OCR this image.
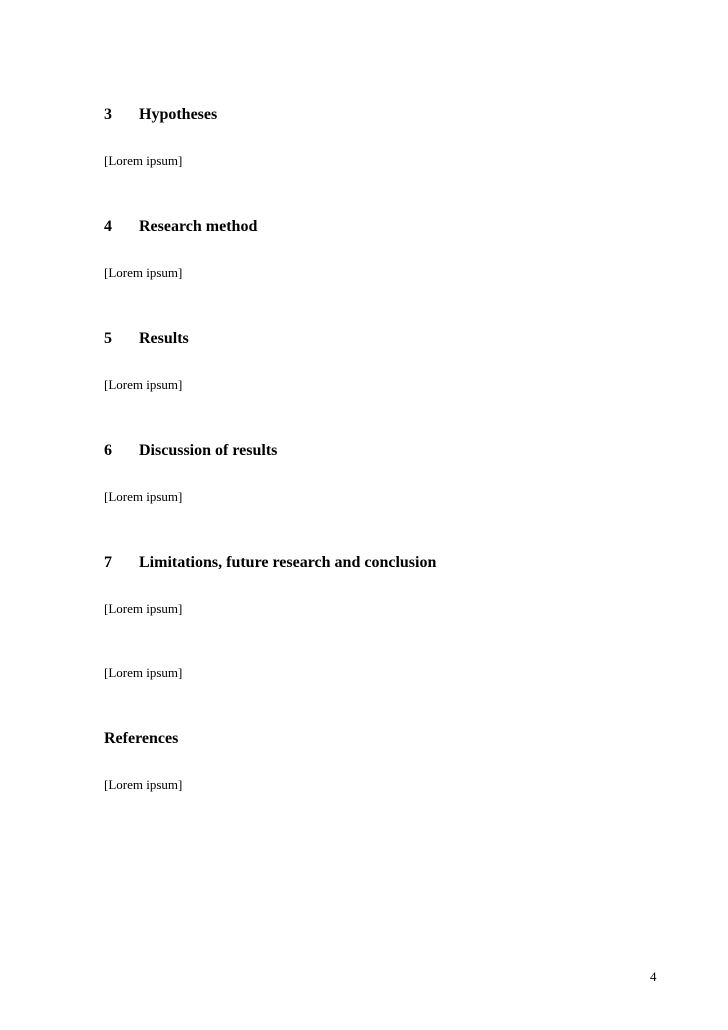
3 Hypotheses
[Lorem ipsum]
4 Research method
[Lorem ipsum]
5 Results
[Lorem ipsum]
6 Discussion of results
[Lorem ipsum]
7 Limitations, future research and conclusion
[Lorem ipsum]
[Lorem ipsum]
References
[Lorem ipsum]
4
